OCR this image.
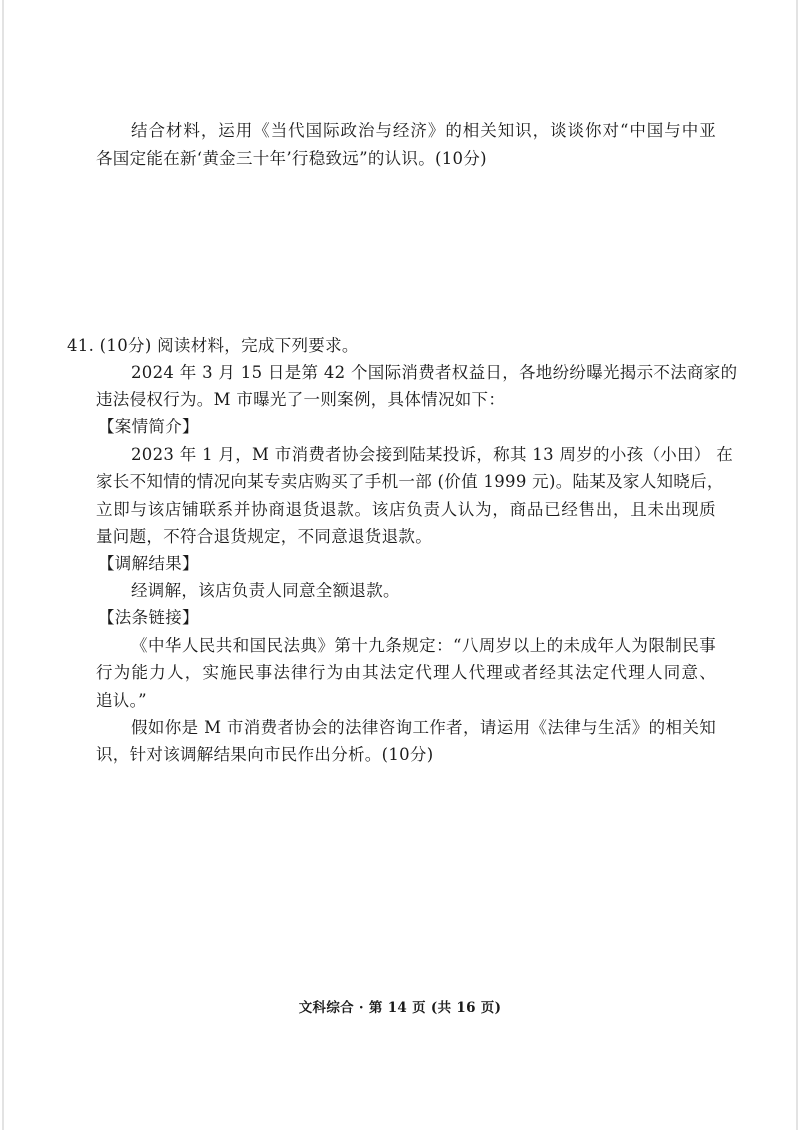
结合材料，运用《当代国际政治与经济》的相关知识，谈谈你对“中国与中亚
各国定能在新‘黄金三十年’行稳致远”的认识。(10分)
41. (10分) 阅读材料，完成下列要求。
2024 年 3 月 15 日是第 42 个国际消费者权益日，各地纷纷曝光揭示不法商家的
违法侵权行为。M 市曝光了一则案例，具体情况如下：
【案情简介】
2023 年 1 月，M 市消费者协会接到陆某投诉，称其 13 周岁的小孩（小田） 在
家长不知情的情况向某专卖店购买了手机一部 (价值 1999 元)。陆某及家人知晓后，
立即与该店铺联系并协商退货退款。该店负责人认为，商品已经售出，且未出现质
量问题，不符合退货规定，不同意退货退款。
【调解结果】
经调解，该店负责人同意全额退款。
【法条链接】
《中华人民共和国民法典》第十九条规定：“八周岁以上的未成年人为限制民事
行为能力人，实施民事法律行为由其法定代理人代理或者经其法定代理人同意、
追认。”
假如你是 M 市消费者协会的法律咨询工作者，请运用《法律与生活》的相关知
识，针对该调解结果向市民作出分析。(10分)
文科综合 · 第 14 页 (共 16 页)
